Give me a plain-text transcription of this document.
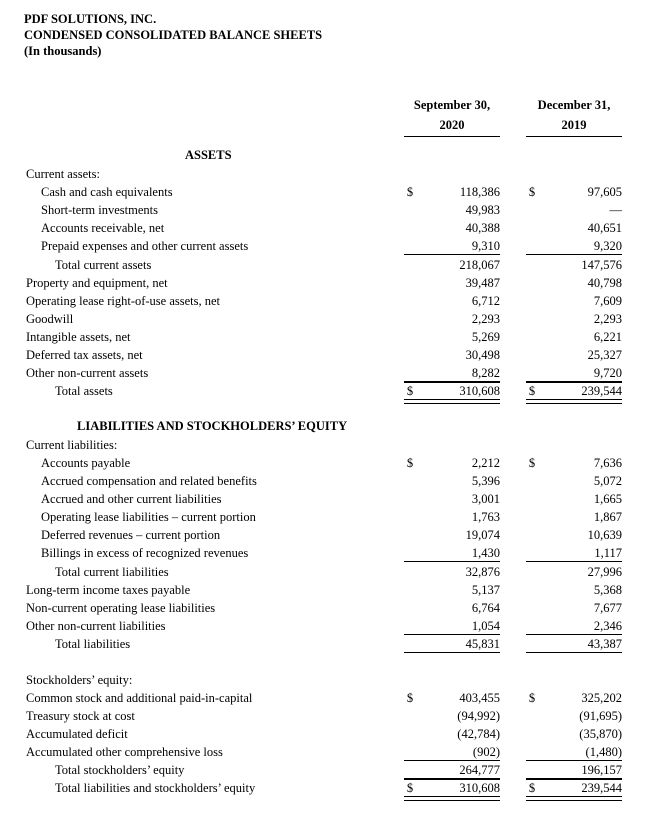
PDF SOLUTIONS, INC.
CONDENSED CONSOLIDATED BALANCE SHEETS
(In thousands)
September 30,
2020
December 31,
2019
ASSETS
LIABILITIES AND STOCKHOLDERS’ EQUITY
Current assets:
Cash and cash equivalents	$	118,386 $	97,605
Short-term investments	49,983	—
Accounts receivable, net	40,388	40,651
Prepaid expenses and other current assets	9,310	9,320
Total current assets	218,067	147,576
Property and equipment, net	39,487	40,798
Operating lease right-of-use assets, net	6,712	7,609
Goodwill	2,293	2,293
Intangible assets, net	5,269	6,221
Deferred tax assets, net	30,498	25,327
Other non-current assets	8,282	9,720
Total assets	$	310,608 $	239,544
Current liabilities:
Accounts payable	$	2,212 $	7,636
Accrued compensation and related benefits	5,396	5,072
Accrued and other current liabilities	3,001	1,665
Operating lease liabilities – current portion	1,763	1,867
Deferred revenues – current portion	19,074	10,639
Billings in excess of recognized revenues	1,430	1,117
Total current liabilities	32,876	27,996
Long-term income taxes payable	5,137	5,368
Non-current operating lease liabilities	6,764	7,677
Other non-current liabilities	1,054	2,346
Total liabilities	45,831	43,387
Stockholders’ equity:
Common stock and additional paid-in-capital	$	403,455 $	325,202
Treasury stock at cost	(94,992)	(91,695)
Accumulated deficit	(42,784)	(35,870)
Accumulated other comprehensive loss	(902)	(1,480)
Total stockholders’ equity	264,777	196,157
Total liabilities and stockholders’ equity	$	310,608 $	239,544
